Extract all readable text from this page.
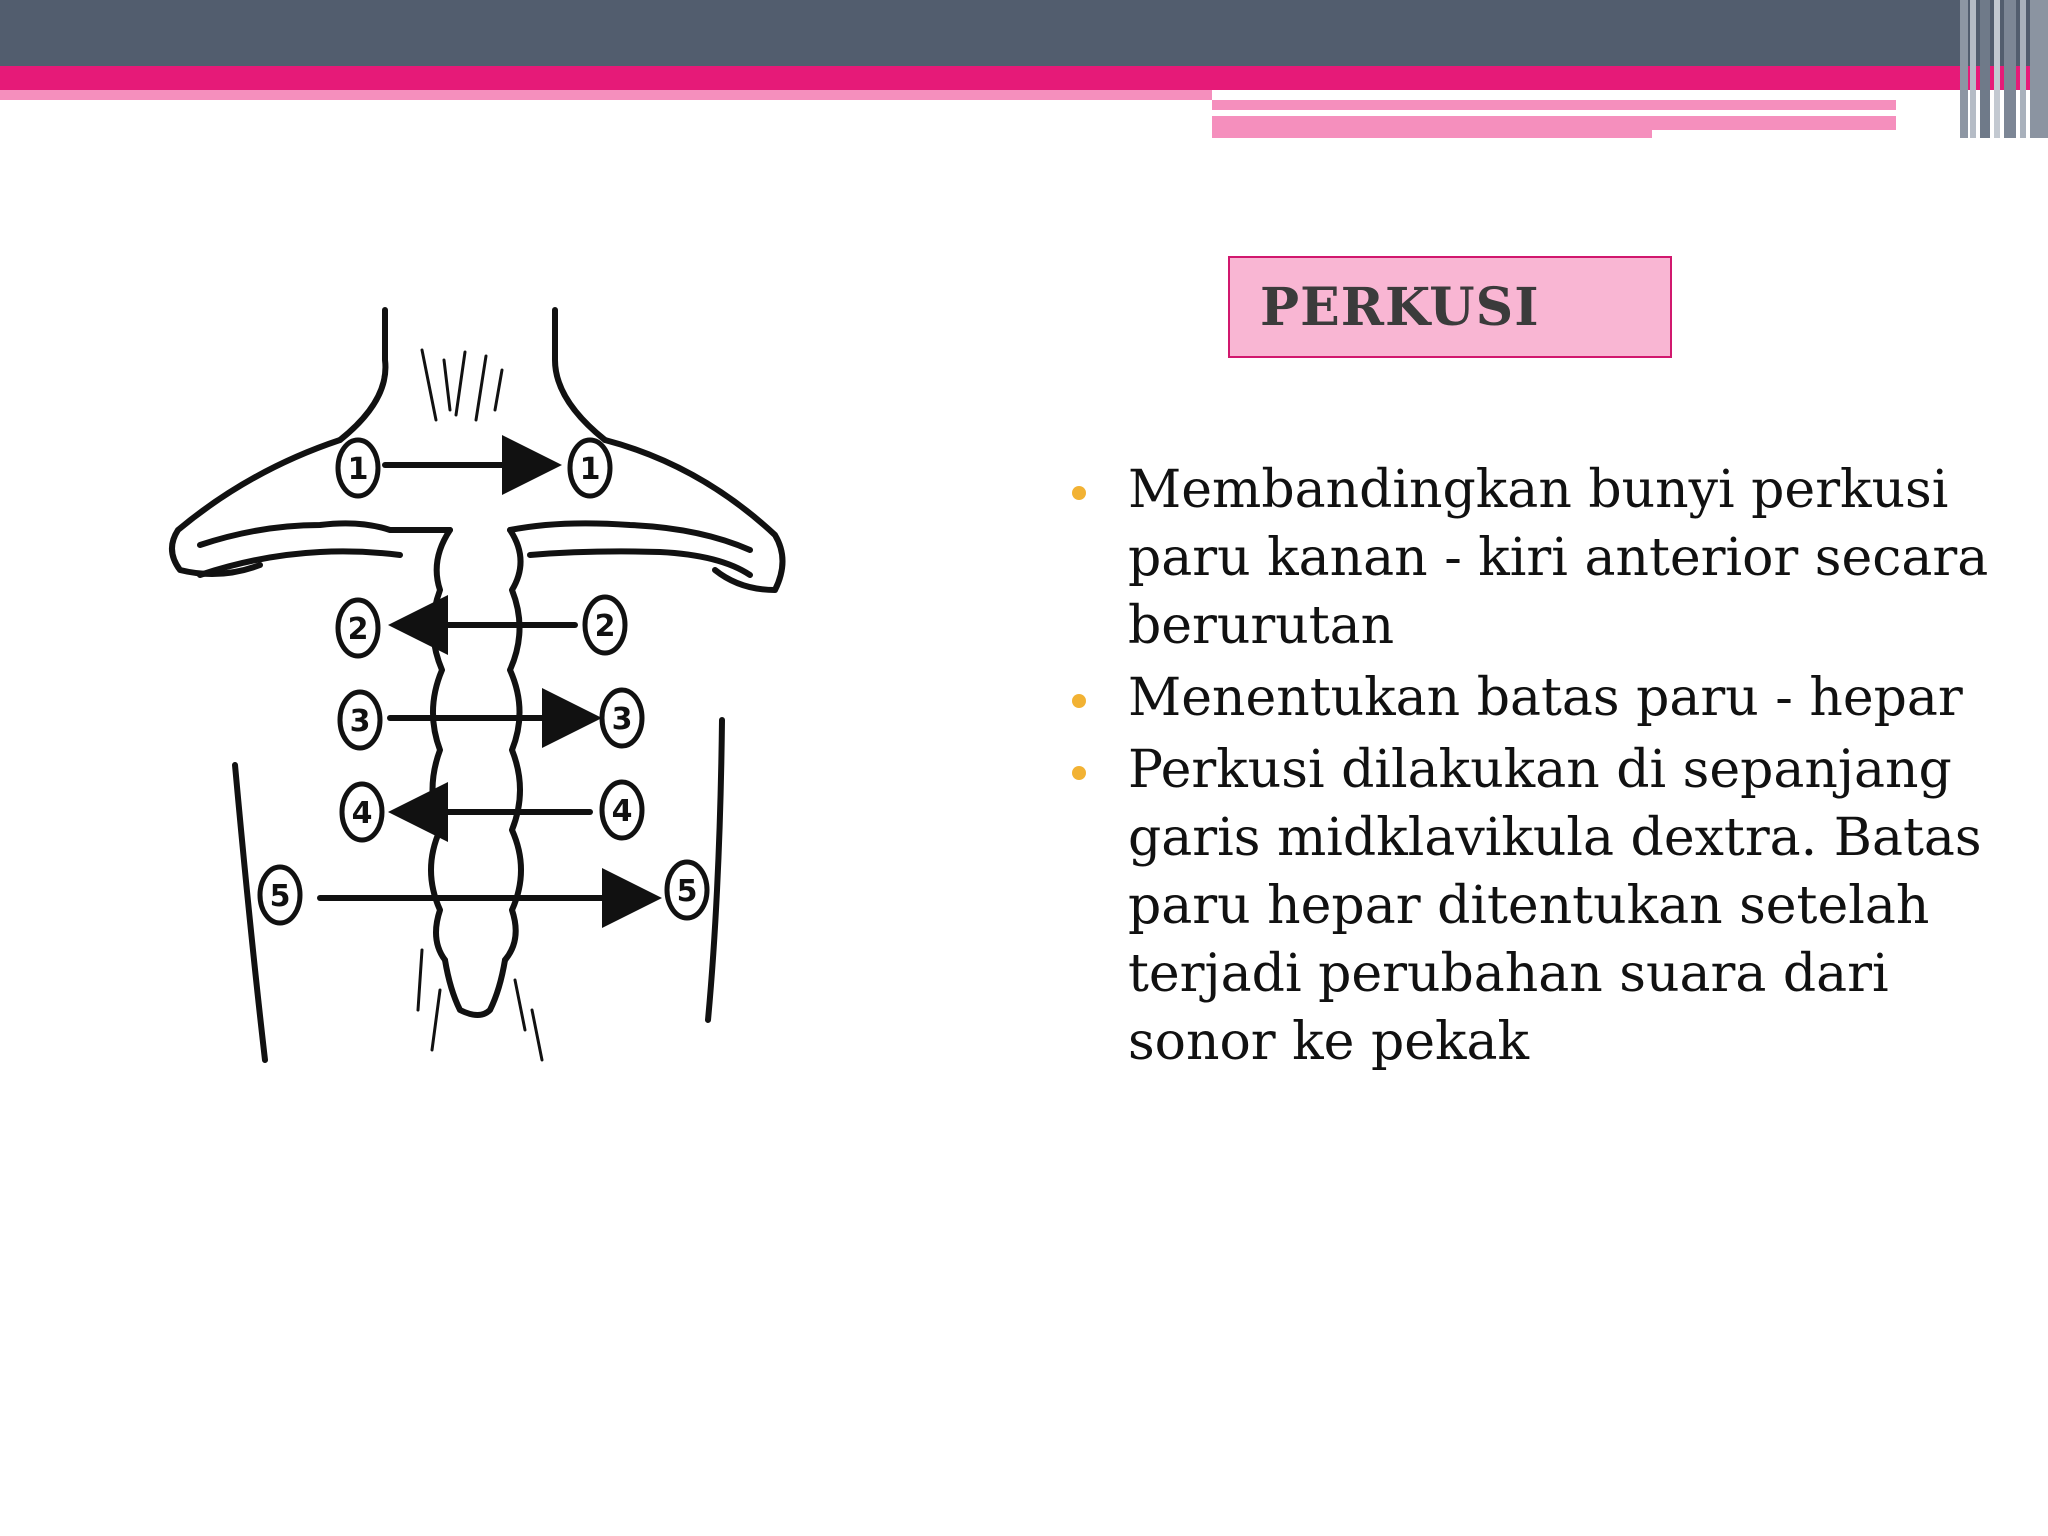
PERKUSI
Membandingkan bunyi perkusi paru kanan - kiri anterior secara berurutan
Menentukan batas paru - hepar
Perkusi dilakukan di sepanjang garis midklavikula dextra. Batas paru hepar ditentukan setelah terjadi perubahan suara dari sonor ke pekak
1	1
2	2
3	3
4	4
5	5
